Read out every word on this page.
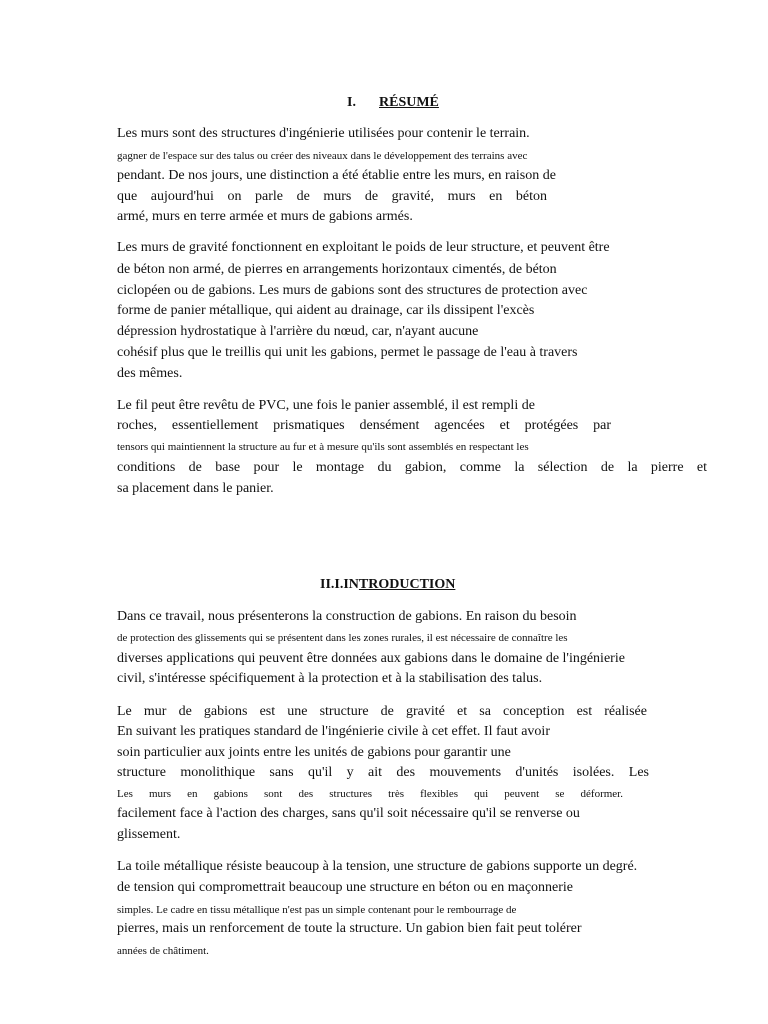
I. RÉSUMÉ
Les murs sont des structures d'ingénierie utilisées pour contenir le terrain.
gagner de l'espace sur des talus ou créer des niveaux dans le développement des terrains avec
pendant. De nos jours, une distinction a été établie entre les murs, en raison de
que aujourd'hui on parle de murs de gravité, murs en béton
armé, murs en terre armée et murs de gabions armés.
Les murs de gravité fonctionnent en exploitant le poids de leur structure, et peuvent être
de béton non armé, de pierres en arrangements horizontaux cimentés, de béton
ciclopéen ou de gabions. Les murs de gabions sont des structures de protection avec
forme de panier métallique, qui aident au drainage, car ils dissipent l'excès
dépression hydrostatique à l'arrière du nœud, car, n'ayant aucune
cohésif plus que le treillis qui unit les gabions, permet le passage de l'eau à travers
des mêmes.
Le fil peut être revêtu de PVC, une fois le panier assemblé, il est rempli de
roches, essentiellement prismatiques densément agencées et protégées par
tensors qui maintiennent la structure au fur et à mesure qu'ils sont assemblés en respectant les
conditions de base pour le montage du gabion, comme la sélection de la pierre et
sa placement dans le panier.
II.I.INTRODUCTION
Dans ce travail, nous présenterons la construction de gabions. En raison du besoin
de protection des glissements qui se présentent dans les zones rurales, il est nécessaire de connaître les
diverses applications qui peuvent être données aux gabions dans le domaine de l'ingénierie
civil, s'intéresse spécifiquement à la protection et à la stabilisation des talus.
Le mur de gabions est une structure de gravité et sa conception est réalisée
En suivant les pratiques standard de l'ingénierie civile à cet effet. Il faut avoir
soin particulier aux joints entre les unités de gabions pour garantir une
structure monolithique sans qu'il y ait des mouvements d'unités isolées. Les
Les murs en gabions sont des structures très flexibles qui peuvent se déformer.
facilement face à l'action des charges, sans qu'il soit nécessaire qu'il se renverse ou
glissement.
La toile métallique résiste beaucoup à la tension, une structure de gabions supporte un degré.
de tension qui compromettrait beaucoup une structure en béton ou en maçonnerie
simples. Le cadre en tissu métallique n'est pas un simple contenant pour le rembourrage de
pierres, mais un renforcement de toute la structure. Un gabion bien fait peut tolérer
années de châtiment.
